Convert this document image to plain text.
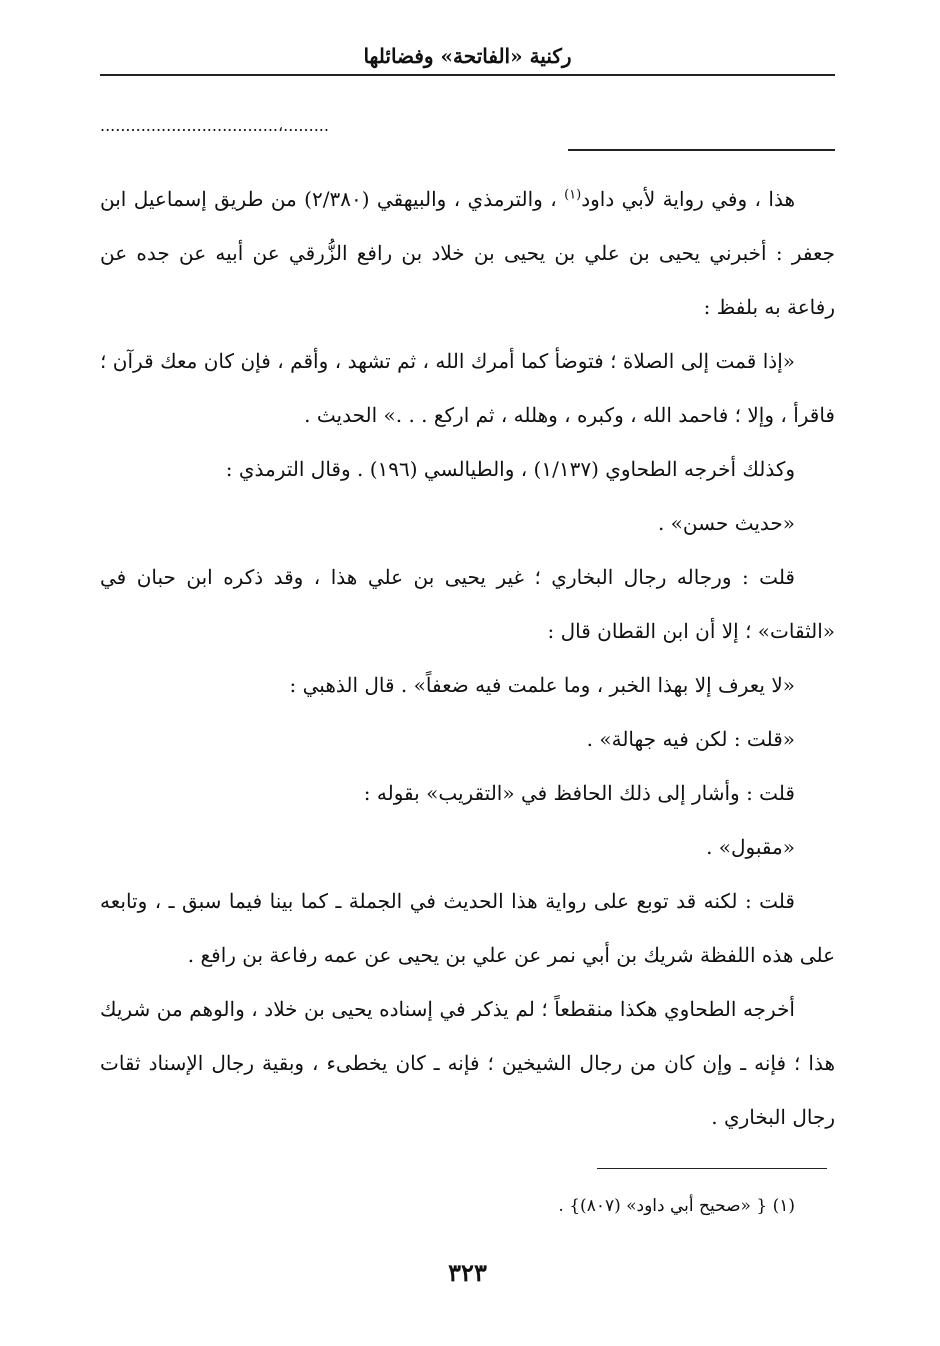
ركنية «الفاتحة» وفضائلها
...................................،.........

هذا ، وفي رواية لأبي داود$^{(١)}$ ، والترمذي ، والبيهقي (٢/٣٨٠) من طريق إسماعيل ابن جعفر : أخبرني يحيى بن علي بن يحيى بن خلاد بن رافع الزُّرقي عن أبيه عن جده عن رفاعة به بلفظ :

«إذا قمت إلى الصلاة ؛ فتوضأ كما أمرك الله ، ثم تشهد ، وأقم ، فإن كان معك قرآن ؛ فاقرأ ، وإلا ؛ فاحمد الله ، وكبره ، وهلله ، ثم اركع . . .» الحديث .

وكذلك أخرجه الطحاوي (١/١٣٧) ، والطيالسي (١٩٦) . وقال الترمذي :

«حديث حسن» .

قلت : ورجاله رجال البخاري ؛ غير يحيى بن علي هذا ، وقد ذكره ابن حبان في «الثقات» ؛ إلا أن ابن القطان قال :

«لا يعرف إلا بهذا الخبر ، وما علمت فيه ضعفاً» . قال الذهبي :

«قلت : لكن فيه جهالة» .

قلت : وأشار إلى ذلك الحافظ في «التقريب» بقوله :

«مقبول» .

قلت : لكنه قد توبع على رواية هذا الحديث في الجملة ـ كما بينا فيما سبق ـ ، وتابعه على هذه اللفظة شريك بن أبي نمر عن علي بن يحيى عن عمه رفاعة بن رافع .

أخرجه الطحاوي هكذا منقطعاً ؛ لم يذكر في إسناده يحيى بن خلاد ، والوهم من شريك هذا ؛ فإنه ـ وإن كان من رجال الشيخين ؛ فإنه ـ كان يخطىء ، وبقية رجال الإسناد ثقات رجال البخاري .

(١) { «صحيح أبي داود» (٨٠٧)} .
٣٢٣
